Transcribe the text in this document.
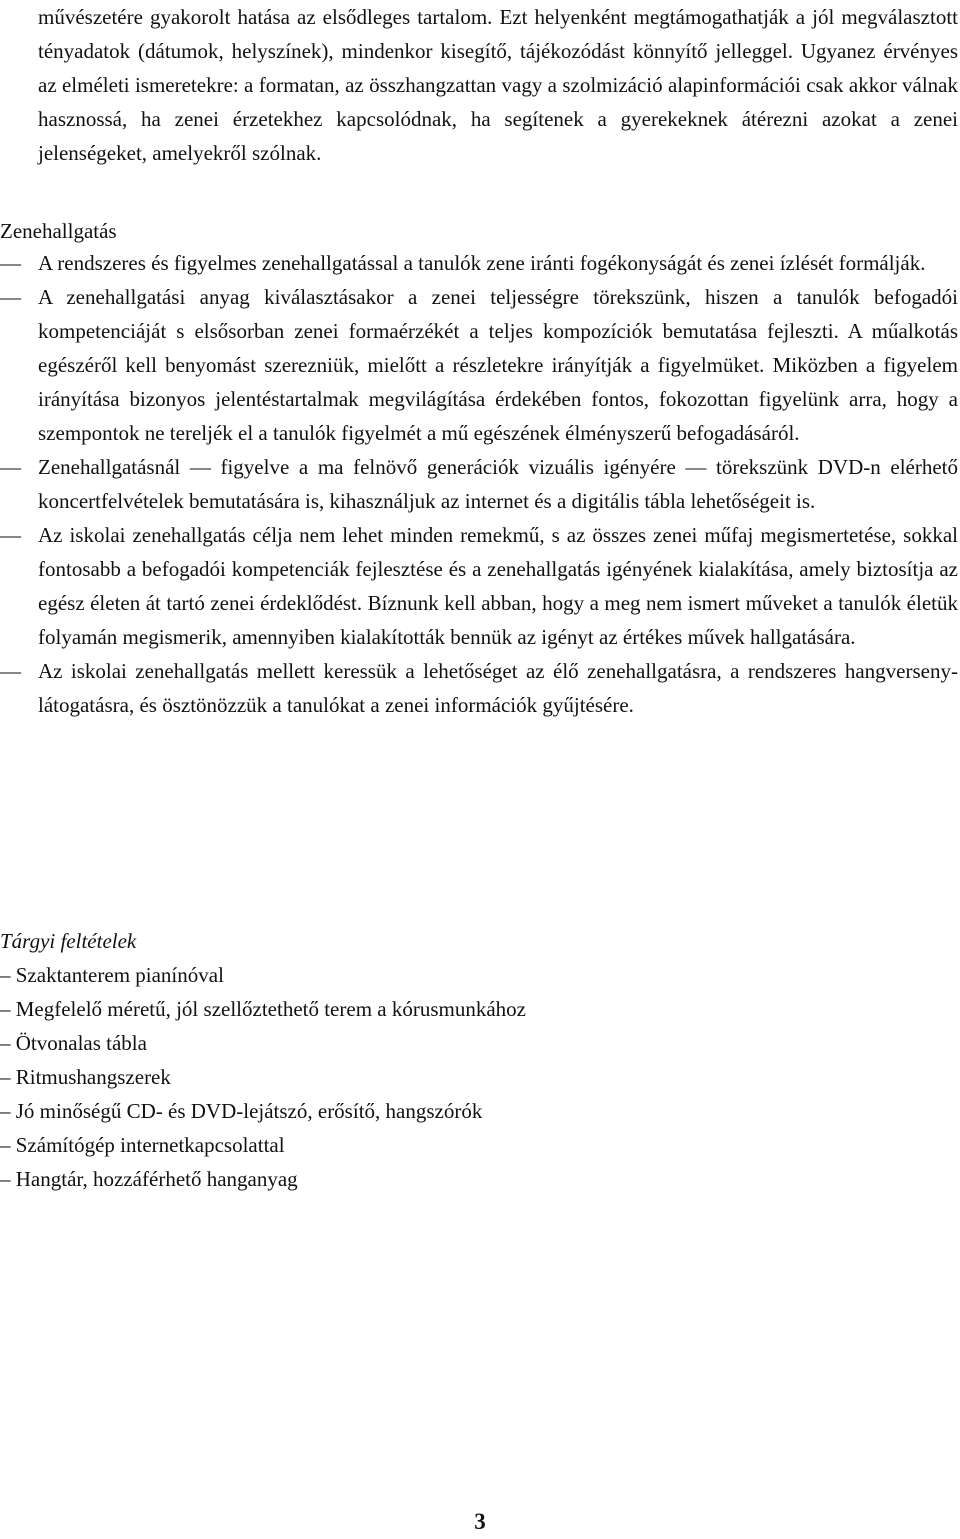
művészetére gyakorolt hatása az elsődleges tartalom. Ezt helyenként megtámogathatják a jól megválasztott tényadatok (dátumok, helyszínek), mindenkor kisegítő, tájékozódást könnyítő jelleggel. Ugyanez érvényes az elméleti ismeretekre: a formatan, az összhangzattan vagy a szolmizáció alapinformációi csak akkor válnak hasznossá, ha zenei érzetekhez kapcsolódnak, ha segítenek a gyerekeknek átérezni azokat a zenei jelenségeket, amelyekről szólnak.

Zenehallgatás

— A rendszeres és figyelmes zenehallgatással a tanulók zene iránti fogékonyságát és zenei ízlését formálják.
— A zenehallgatási anyag kiválasztásakor a zenei teljességre törekszünk, hiszen a tanulók befogadói kompetenciáját s elsősorban zenei formaérzékét a teljes kompozíciók bemutatása fejleszti. A műalkotás egészéről kell benyomást szerezniük, mielőtt a részletekre irányítják a figyelmüket. Miközben a figyelem irányítása bizonyos jelentéstartalmak megvilágítása érdekében fontos, fokozottan figyelünk arra, hogy a szempontok ne tereljék el a tanulók figyelmét a mű egészének élményszerű befogadásáról.
— Zenehallgatásnál — figyelve a ma felnövő generációk vizuális igényére — törekszünk DVD-n elérhető koncertfelvételek bemutatására is, kihasználjuk az internet és a digitális tábla lehetőségeit is.
— Az iskolai zenehallgatás célja nem lehet minden remekmű, s az összes zenei műfaj megismertetése, sokkal fontosabb a befogadói kompetenciák fejlesztése és a zenehallgatás igényének kialakítása, amely biztosítja az egész életen át tartó zenei érdeklődést. Bíznunk kell abban, hogy a meg nem ismert műveket a tanulók életük folyamán megismerik, amennyiben kialakították bennük az igényt az értékes művek hallgatására.
— Az iskolai zenehallgatás mellett keressük a lehetőséget az élő zenehallgatásra, a rendszeres hangverseny-látogatásra, és ösztönözzük a tanulókat a zenei információk gyűjtésére.

Tárgyi feltételek

– Szaktanterem pianínóval
– Megfelelő méretű, jól szellőztethető terem a kórusmunkához
– Ötvonalas tábla
– Ritmushangszerek
– Jó minőségű CD- és DVD-lejátszó, erősítő, hangszórók
– Számítógép internetkapcsolattal
– Hangtár, hozzáférhető hanganyag
3
